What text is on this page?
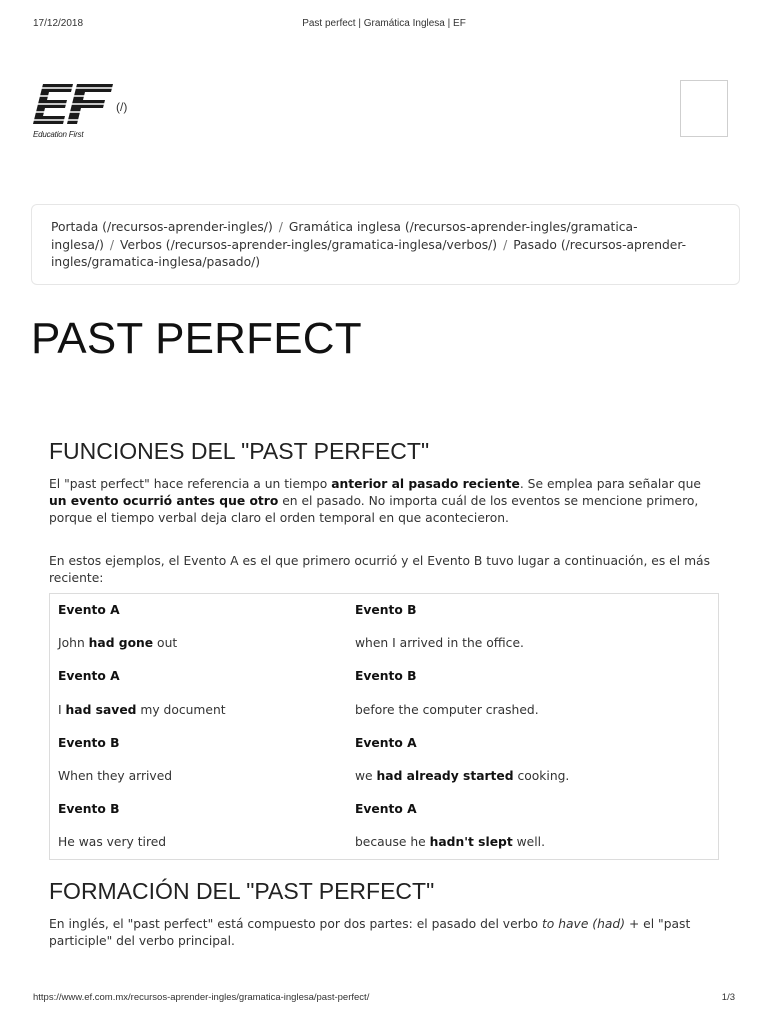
17/12/2018	Past perfect | Gramática Inglesa | EF
Education First
(/)
Portada (/recursos-aprender-ingles/) / Gramática inglesa (/recursos-aprender-ingles/gramatica-inglesa/) / Verbos (/recursos-aprender-ingles/gramatica-inglesa/verbos/) / Pasado (/recursos-aprender-ingles/gramatica-inglesa/pasado/)
PAST PERFECT
FUNCIONES DEL "PAST PERFECT"

El "past perfect" hace referencia a un tiempo anterior al pasado reciente. Se emplea para señalar que un evento ocurrió antes que otro en el pasado. No importa cuál de los eventos se mencione primero, porque el tiempo verbal deja claro el orden temporal en que acontecieron.

En estos ejemplos, el Evento A es el que primero ocurrió y el Evento B tuvo lugar a continuación, es el más reciente:

Evento A	Evento B
John had gone out	when I arrived in the office.
Evento A	Evento B
I had saved my document	before the computer crashed.
Evento B	Evento A
When they arrived	we had already started cooking.
Evento B	Evento A
He was very tired	because he hadn't slept well.
FORMACIÓN DEL "PAST PERFECT"

En inglés, el "past perfect" está compuesto por dos partes: el pasado del verbo to have (had) + el "past participle" del verbo principal.

https://www.ef.com.mx/recursos-aprender-ingles/gramatica-inglesa/past-perfect/	1/3
